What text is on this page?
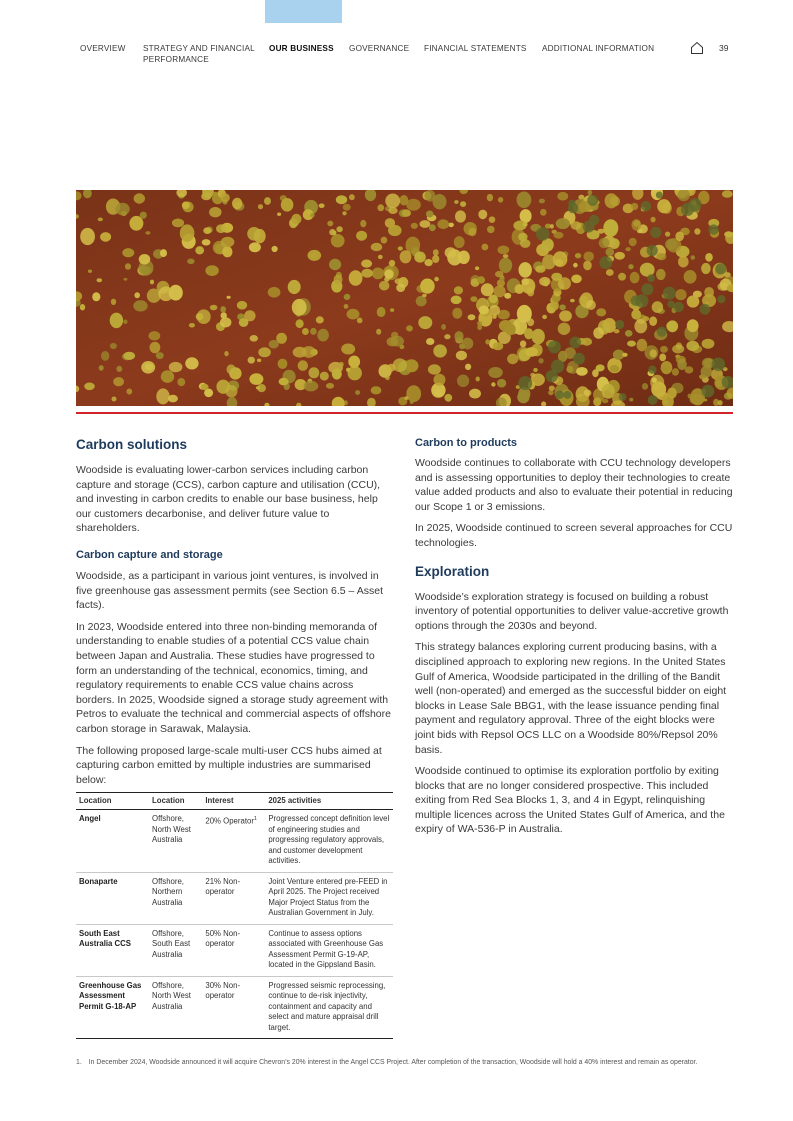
OVERVIEW STRATEGY AND FINANCIAL PERFORMANCE
OUR BUSINESS GOVERNANCE FINANCIAL STATEMENTS ADDITIONAL INFORMATION	39
Carbon solutions

Woodside is evaluating lower-carbon services including carbon capture and storage (CCS), carbon capture and utilisation (CCU), and investing in carbon credits to enable our base business, help our customers decarbonise, and deliver future value to shareholders.

Carbon capture and storage

Woodside, as a participant in various joint ventures, is involved in five greenhouse gas assessment permits (see Section 6.5 – Asset facts).

In 2023, Woodside entered into three non-binding memoranda of understanding to enable studies of a potential CCS value chain between Japan and Australia. These studies have progressed to form an understanding of the technical, economics, timing, and regulatory requirements to enable CCS value chains across borders. In 2025, Woodside signed a storage study agreement with Petros to evaluate the technical and commercial aspects of offshore carbon storage in Sarawak, Malaysia.

The following proposed large-scale multi-user CCS hubs aimed at capturing carbon emitted by multiple industries are summarised below:

Location	Location	Interest	2025 activities
Angel	Offshore, North West Australia	20% Operator$^1$	Progressed concept definition level of engineering studies and progressing regulatory approvals, and customer development activities.
Bonaparte	Offshore, Northern Australia	21% Non-operator	Joint Venture entered pre-FEED in April 2025. The Project received Major Project Status from the Australian Government in July.
South East Australia CCS	Offshore, South East Australia	50% Non-operator	Continue to assess options associated with Greenhouse Gas Assessment Permit G-19-AP, located in the Gippsland Basin.
Greenhouse Gas Assessment Permit G-18-AP	Offshore, North West Australia	30% Non-operator	Progressed seismic reprocessing, continue to de-risk injectivity, containment and capacity and select and mature appraisal drill target.
Carbon to products

Woodside continues to collaborate with CCU technology developers and is assessing opportunities to deploy their technologies to create value added products and also to evaluate their potential in reducing our Scope 1 or 3 emissions.

In 2025, Woodside continued to screen several approaches for CCU technologies.

Exploration

Woodside’s exploration strategy is focused on building a robust inventory of potential opportunities to deliver value-accretive growth options through the 2030s and beyond.

This strategy balances exploring current producing basins, with a disciplined approach to exploring new regions. In the United States Gulf of America, Woodside participated in the drilling of the Bandit well (non-operated) and emerged as the successful bidder on eight blocks in Lease Sale BBG1, with the lease issuance pending final payment and regulatory approval. Three of the eight blocks were joint bids with Repsol OCS LLC on a Woodside 80%/Repsol 20% basis.

Woodside continued to optimise its exploration portfolio by exiting blocks that are no longer considered prospective. This included exiting from Red Sea Blocks 1, 3, and 4 in Egypt, relinquishing multiple licences across the United States Gulf of America, and the expiry of WA-536-P in Australia.

1. In December 2024, Woodside announced it will acquire Chevron’s 20% interest in the Angel CCS Project. After completion of the transaction, Woodside will hold a 40% interest and remain as operator.
